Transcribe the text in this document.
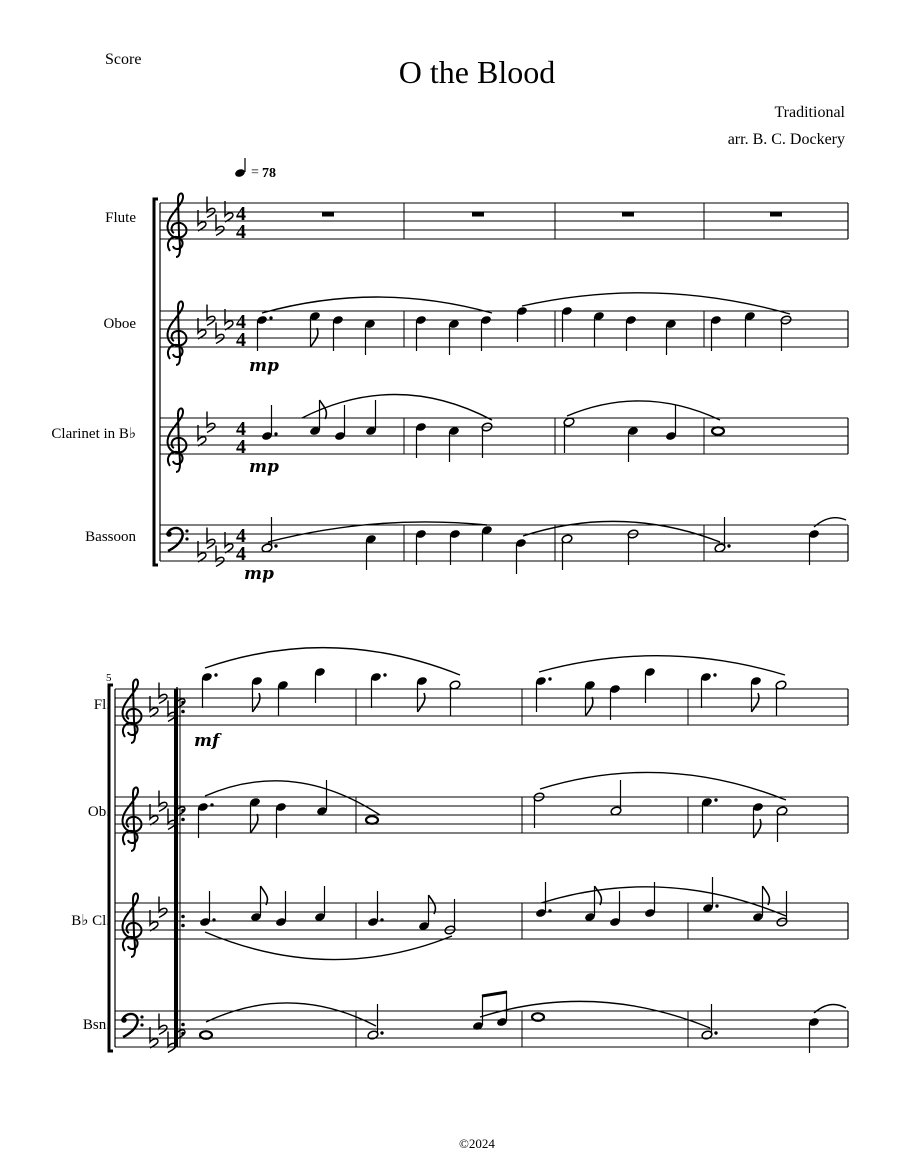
Score	O the Blood
Traditional
arr. B. C. Dockery
Flute
Oboe
Clarinet in B♭
Bassoon
Fl.
Ob.
B♭ Cl.
Bsn.
©2024
4
4
4
4
4
4
4
4
= 78
5
mp
mp
mp
mf
